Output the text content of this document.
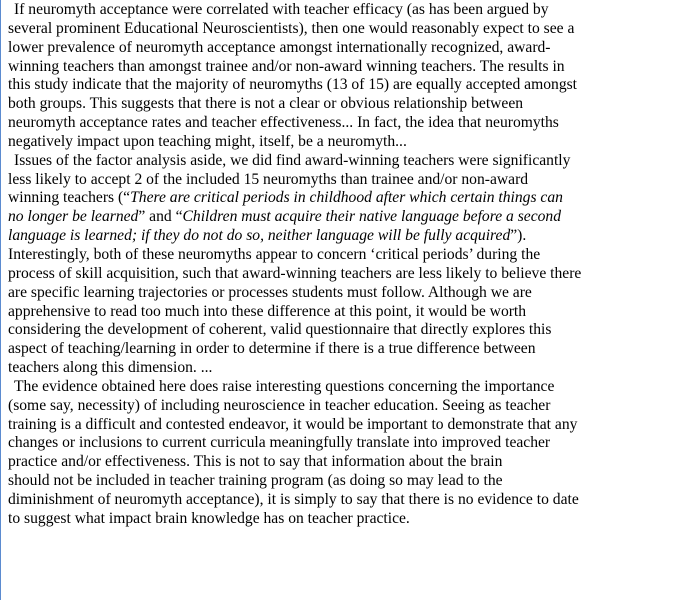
If neuromyth acceptance were correlated with teacher efficacy (as has been argued by
several prominent Educational Neuroscientists), then one would reasonably expect to see a
lower prevalence of neuromyth acceptance amongst internationally recognized, award-
winning teachers than amongst trainee and/or non-award winning teachers. The results in
this study indicate that the majority of neuromyths (13 of 15) are equally accepted amongst
both groups. This suggests that there is not a clear or obvious relationship between
neuromyth acceptance rates and teacher effectiveness... In fact, the idea that neuromyths
negatively impact upon teaching might, itself, be a neuromyth...
Issues of the factor analysis aside, we did find award-winning teachers were significantly
less likely to accept 2 of the included 15 neuromyths than trainee and/or non-award
winning teachers (“There are critical periods in childhood after which certain things can
no longer be learned” and “Children must acquire their native language before a second
language is learned; if they do not do so, neither language will be fully acquired”).
Interestingly, both of these neuromyths appear to concern ‘critical periods’ during the
process of skill acquisition, such that award-winning teachers are less likely to believe there
are specific learning trajectories or processes students must follow. Although we are
apprehensive to read too much into these difference at this point, it would be worth
considering the development of coherent, valid questionnaire that directly explores this
aspect of teaching/learning in order to determine if there is a true difference between
teachers along this dimension. ...
The evidence obtained here does raise interesting questions concerning the importance
(some say, necessity) of including neuroscience in teacher education. Seeing as teacher
training is a difficult and contested endeavor, it would be important to demonstrate that any
changes or inclusions to current curricula meaningfully translate into improved teacher
practice and/or effectiveness. This is not to say that information about the brain
should not be included in teacher training program (as doing so may lead to the
diminishment of neuromyth acceptance), it is simply to say that there is no evidence to date
to suggest what impact brain knowledge has on teacher practice.
